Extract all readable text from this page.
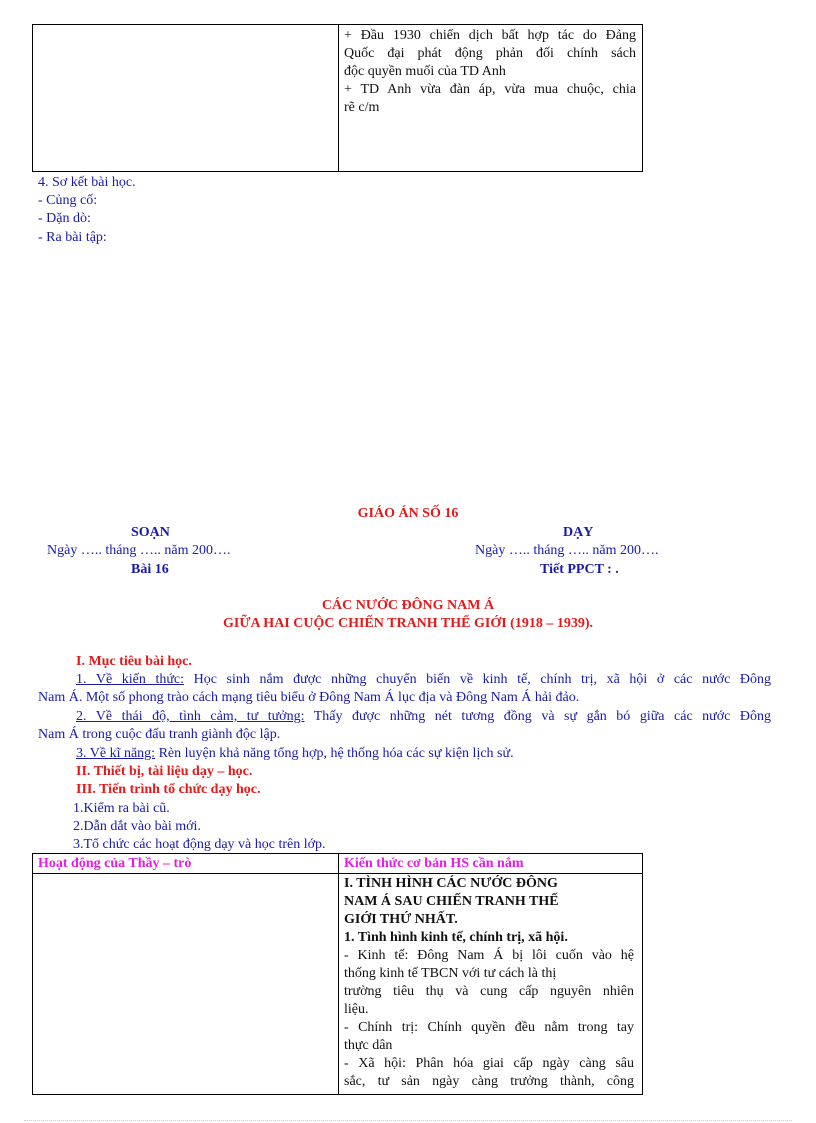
+ Đầu 1930 chiến dịch bất hợp tác do Đảng
Quốc đại phát động phản đối chính sách
độc quyền muối của TD Anh
+ TD Anh vừa đàn áp, vừa mua chuộc, chia
rẽ c/m
4. Sơ kết bài học.
- Củng cố:
- Dặn dò:
- Ra bài tập:
GIÁO ÁN SỐ 16
SOẠN	DẠY
Ngày ….. tháng ….. năm 200….	Ngày ….. tháng ….. năm 200….
Bài 16	Tiết PPCT : .
CÁC NƯỚC ĐÔNG NAM Á
GIỮA HAI CUỘC CHIẾN TRANH THẾ GIỚI (1918 – 1939).
I. Mục tiêu bài học.
1. Về kiến thức: Học sinh nắm được những chuyển biến về kinh tế, chính trị, xã hội ở các nước Đông
Nam Á. Một số phong trào cách mạng tiêu biểu ở Đông Nam Á lục địa và Đông Nam Á hải đảo.
2. Về thái độ, tình cảm, tư tưởng: Thấy được những nét tương đồng và sự gắn bó giữa các nước Đông
Nam Á trong cuộc đấu tranh giành độc lập.
3. Về kĩ năng: Rèn luyện khả năng tổng hợp, hệ thống hóa các sự kiện lịch sử.
II. Thiết bị, tài liệu dạy – học.
III. Tiến trình tổ chức dạy học.
1.Kiểm ra bài cũ.
2.Dẫn dắt vào bài mới.
3.Tổ chức các hoạt động dạy và học trên lớp.
Hoạt động của Thầy – trò	Kiến thức cơ bản HS cần nắm
I. TÌNH HÌNH CÁC NƯỚC ĐÔNG
NAM Á SAU CHIẾN TRANH THẾ
GIỚI THỨ NHẤT.
1. Tình hình kinh tế, chính trị, xã hội.
- Kinh tế: Đông Nam Á bị lôi cuốn vào hệ
thống kinh tế TBCN với tư cách là thị
trường tiêu thụ và cung cấp nguyên nhiên
liệu.
- Chính trị: Chính quyền đều nằm trong tay
thực dân
- Xã hội: Phân hóa giai cấp ngày càng sâu
sắc, tư sản ngày càng trưởng thành, công
